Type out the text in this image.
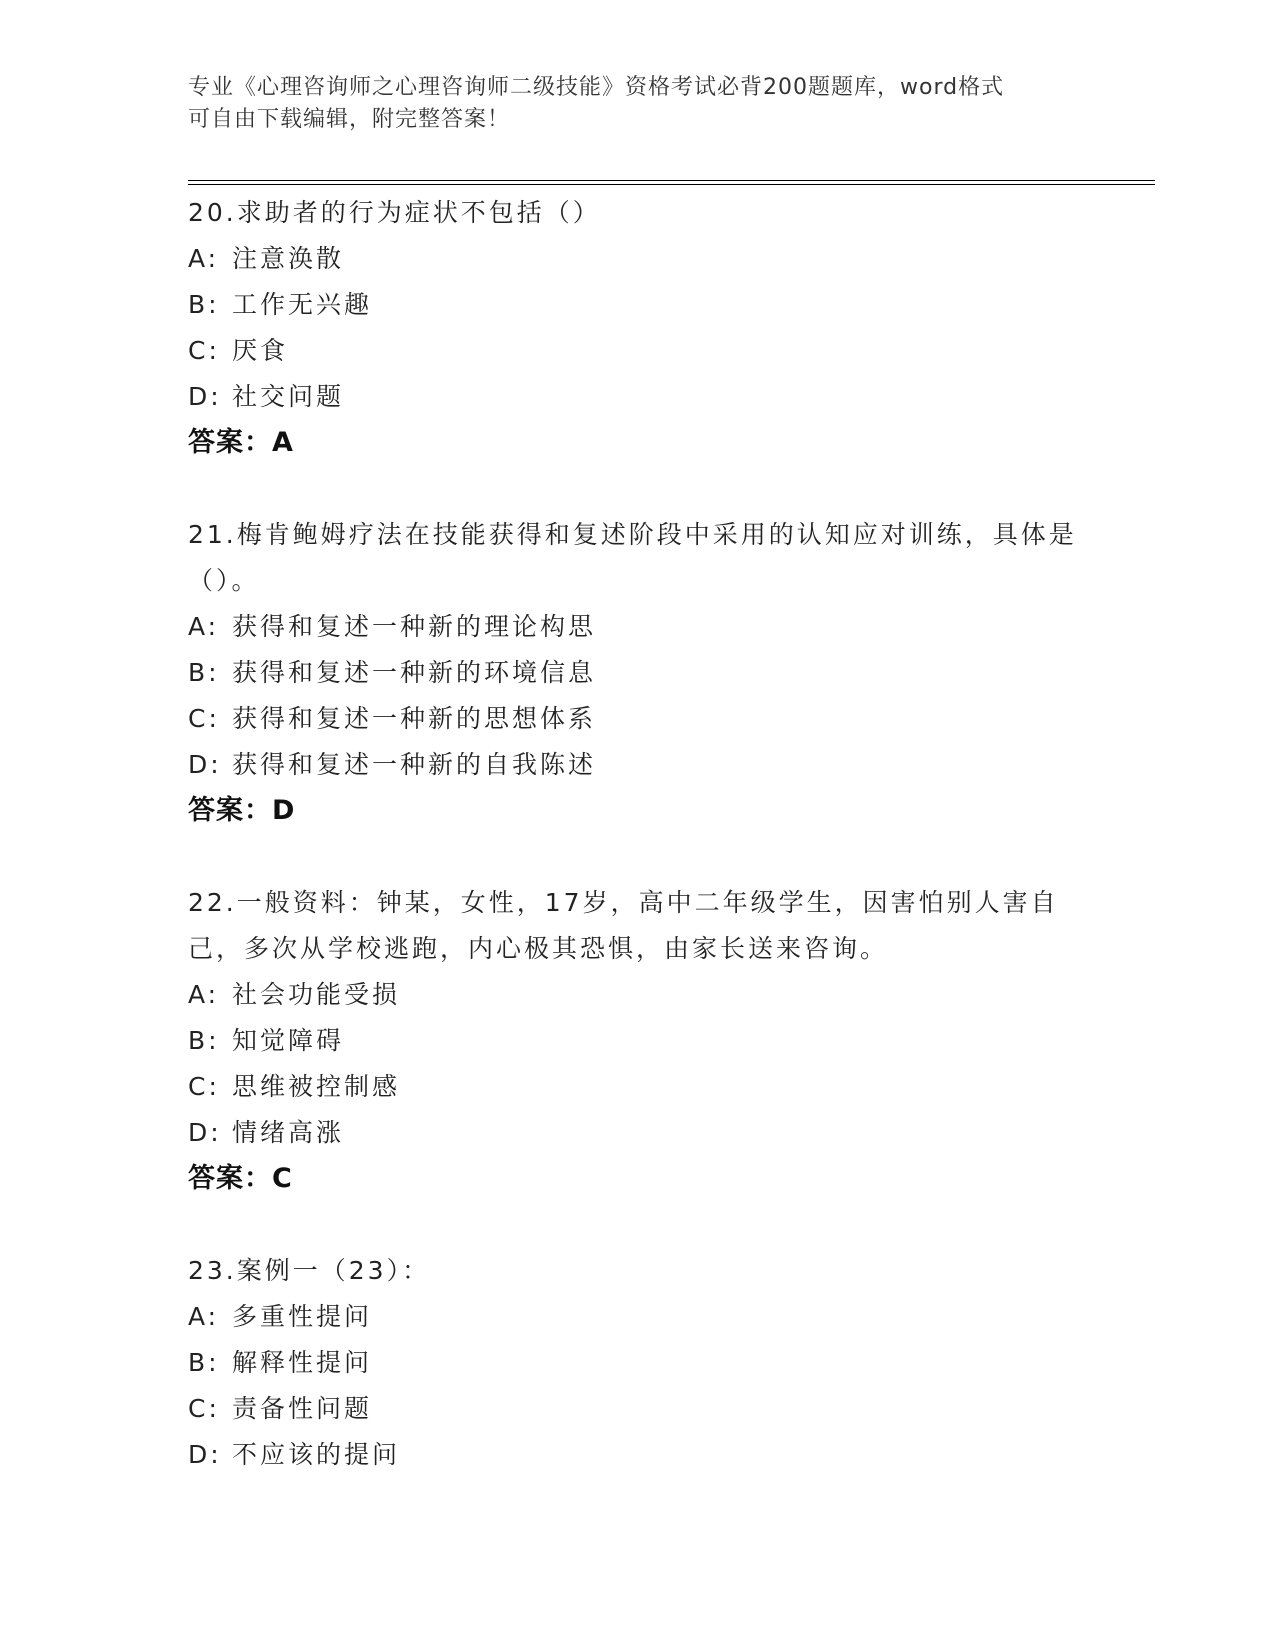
专业《心理咨询师之心理咨询师二级技能》资格考试必背200题题库，word格式
可自由下载编辑，附完整答案！
20.求助者的行为症状不包括（）
A: 注意涣散
B: 工作无兴趣
C: 厌食
D: 社交问题
答案：A
21.梅肯鲍姆疗法在技能获得和复述阶段中采用的认知应对训练，具体是（）。
A: 获得和复述一种新的理论构思
B: 获得和复述一种新的环境信息
C: 获得和复述一种新的思想体系
D: 获得和复述一种新的自我陈述
答案：D
22.一般资料：钟某，女性，17岁，高中二年级学生，因害怕别人害自己，多次从学校逃跑，内心极其恐惧，由家长送来咨询。
A: 社会功能受损
B: 知觉障碍
C: 思维被控制感
D: 情绪高涨
答案：C
23.案例一（23）：
A: 多重性提问
B: 解释性提问
C: 责备性问题
D: 不应该的提问
